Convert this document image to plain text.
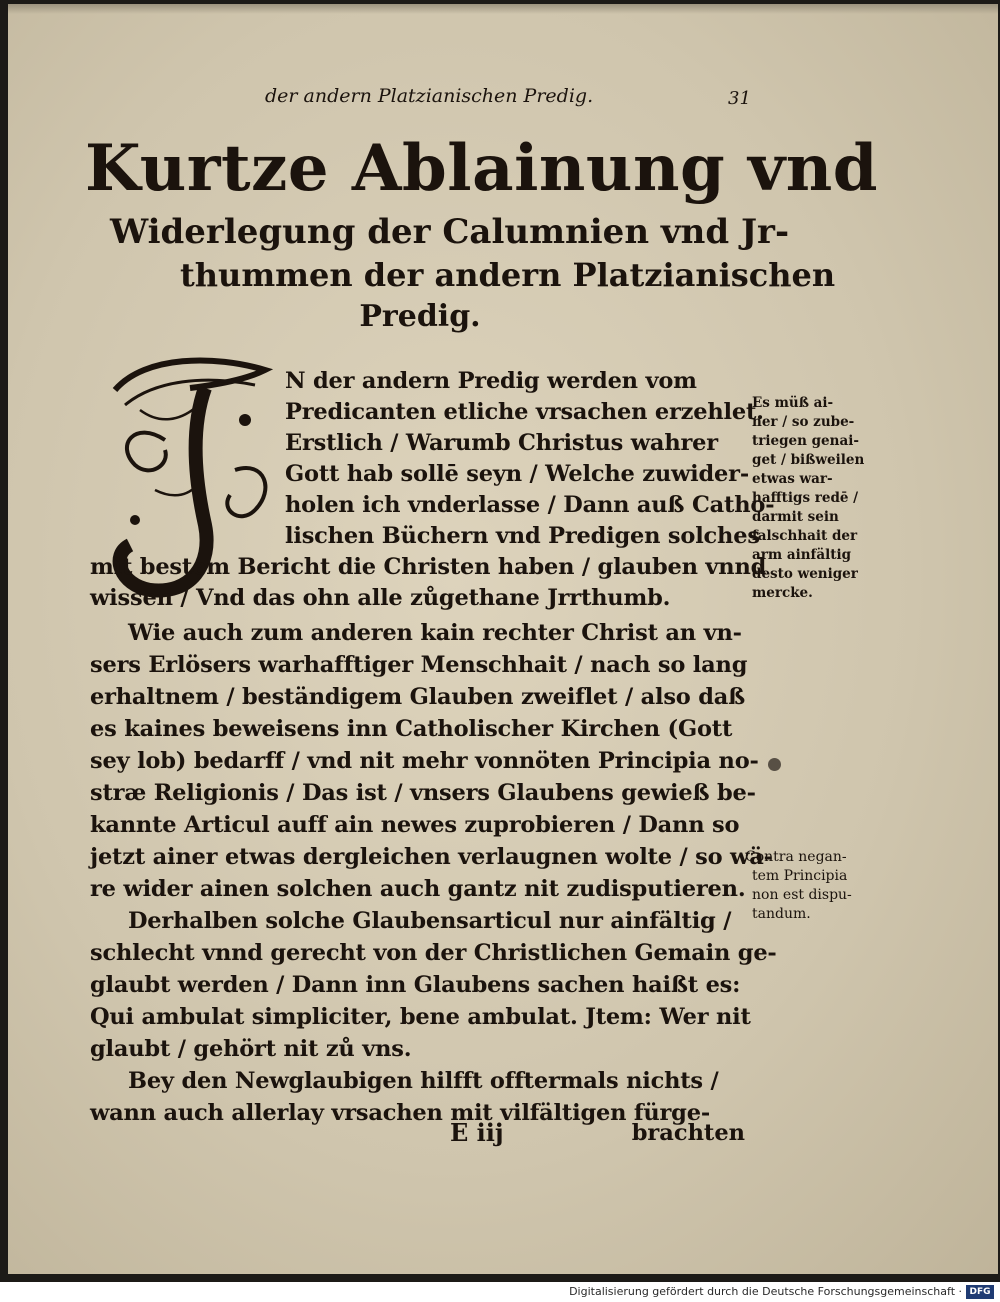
der andern Platzianischen Predig.	31
Kurtze Ablainung vnd
Widerlegung der Calumnien vnd Jr-
thummen der andern Platzianischen
Predig.
N der andern Predig werden vom
Predicanten etliche vrsachen erzehlet.
Erstlich / Warumb Christus wahrer
Gott hab sollē seyn / Welche zuwider-
holen ich vnderlasse / Dann auß Catho-
lischen Büchern vnd Predigen solches
mit bestem Bericht die Christen haben / glauben vnnd
wissen / Vnd das ohn alle zůgethane Jrrthumb.
Wie auch zum anderen kain rechter Christ an vn-
sers Erlösers warhafftiger Menschhait / nach so lang
erhaltnem / beständigem Glauben zweiflet / also daß
es kaines beweisens inn Catholischer Kirchen (Gott
sey lob) bedarff / vnd nit mehr vonnöten Principia no-
stræ Religionis / Das ist / vnsers Glaubens gewieß be-
kannte Articul auff ain newes zuprobieren / Dann so
jetzt ainer etwas dergleichen verlaugnen wolte / so wä-
re wider ainen solchen auch gantz nit zudisputieren.
Derhalben solche Glaubensarticul nur ainfältig /
schlecht vnnd gerecht von der Christlichen Gemain ge-
glaubt werden / Dann inn Glaubens sachen haißt es:
Qui ambulat simpliciter, bene ambulat. Jtem: Wer nit
glaubt / gehört nit zů vns.
Bey den Newglaubigen hilfft offtermals nichts /
wann auch allerlay vrsachen mit vilfältigen fürge-
Es müß ai-
ner / so zube-
triegen genai-
get / bißweilen
etwas war-
hafftigs redē /
darmit sein
falschhait der
arm ainfältig
desto weniger
mercke.
Contra negan-
tem Principia
non est dispu-
tandum.
E iij	brachten
Digitalisierung gefördert durch die Deutsche Forschungsgemeinschaft · DFG
